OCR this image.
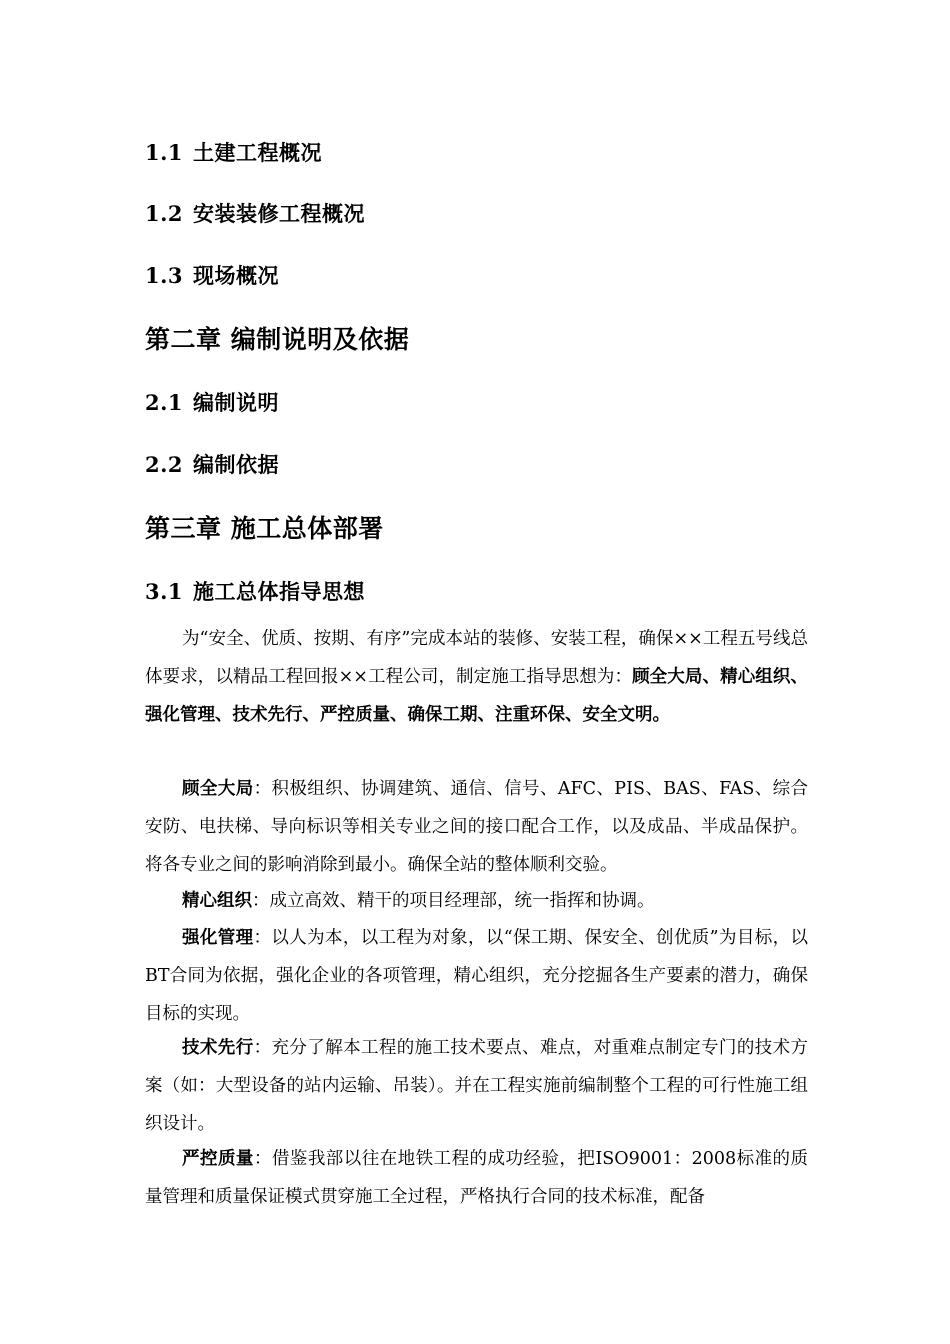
1.1 土建工程概况
1.2 安装装修工程概况
1.3 现场概况
第二章 编制说明及依据
2.1 编制说明
2.2 编制依据
第三章 施工总体部署
3.1 施工总体指导思想

为“安全、优质、按期、有序”完成本站的装修、安装工程，确保××工程五号线总体要求，以精品工程回报××工程公司，制定施工指导思想为：顾全大局、精心组织、强化管理、技术先行、严控质量、确保工期、注重环保、安全文明。

顾全大局：积极组织、协调建筑、通信、信号、AFC、PIS、BAS、FAS、综合安防、电扶梯、导向标识等相关专业之间的接口配合工作，以及成品、半成品保护。将各专业之间的影响消除到最小。确保全站的整体顺利交验。

精心组织：成立高效、精干的项目经理部，统一指挥和协调。

强化管理：以人为本，以工程为对象，以“保工期、保安全、创优质”为目标，以BT合同为依据，强化企业的各项管理，精心组织，充分挖掘各生产要素的潜力，确保目标的实现。

技术先行：充分了解本工程的施工技术要点、难点，对重难点制定专门的技术方案（如：大型设备的站内运输、吊装）。并在工程实施前编制整个工程的可行性施工组织设计。

严控质量：借鉴我部以往在地铁工程的成功经验，把ISO9001：2008标准的质量管理和质量保证模式贯穿施工全过程，严格执行合同的技术标准，配备
